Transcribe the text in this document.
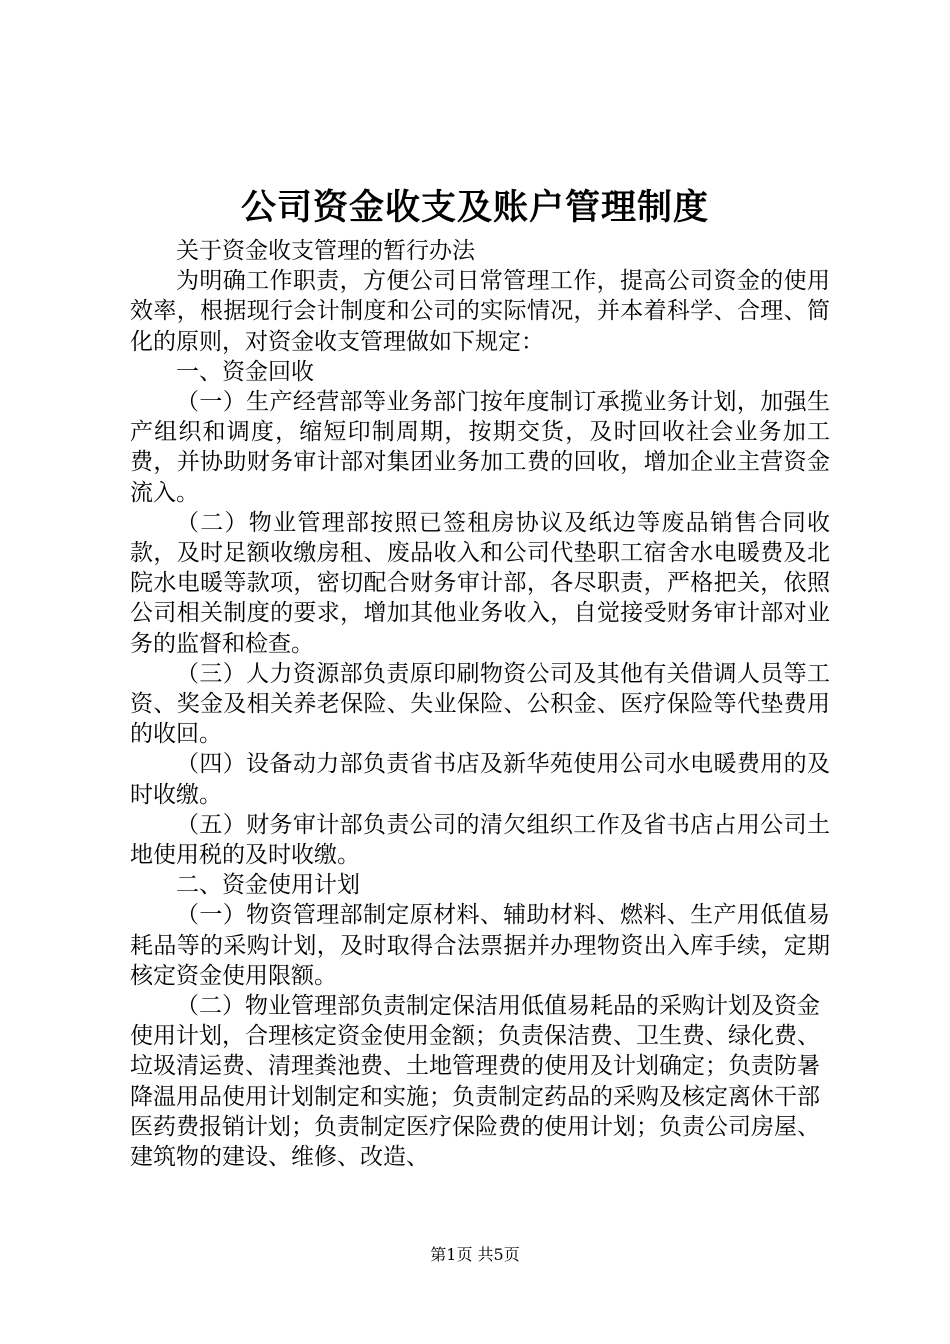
公司资金收支及账户管理制度

关于资金收支管理的暂行办法

为明确工作职责，方便公司日常管理工作，提高公司资金的使用效率，根据现行会计制度和公司的实际情况，并本着科学、合理、简化的原则，对资金收支管理做如下规定：

一、资金回收

（一）生产经营部等业务部门按年度制订承揽业务计划，加强生产组织和调度，缩短印制周期，按期交货，及时回收社会业务加工费，并协助财务审计部对集团业务加工费的回收，增加企业主营资金流入。

（二）物业管理部按照已签租房协议及纸边等废品销售合同收款，及时足额收缴房租、废品收入和公司代垫职工宿舍水电暖费及北院水电暖等款项，密切配合财务审计部，各尽职责，严格把关，依照公司相关制度的要求，增加其他业务收入，自觉接受财务审计部对业务的监督和检查。

（三）人力资源部负责原印刷物资公司及其他有关借调人员等工资、奖金及相关养老保险、失业保险、公积金、医疗保险等代垫费用的收回。

（四）设备动力部负责省书店及新华苑使用公司水电暖费用的及时收缴。

（五）财务审计部负责公司的清欠组织工作及省书店占用公司土地使用税的及时收缴。

二、资金使用计划

（一）物资管理部制定原材料、辅助材料、燃料、生产用低值易耗品等的采购计划，及时取得合法票据并办理物资出入库手续，定期核定资金使用限额。

（二）物业管理部负责制定保洁用低值易耗品的采购计划及资金使用计划，合理核定资金使用金额；负责保洁费、卫生费、绿化费、垃圾清运费、清理粪池费、土地管理费的使用及计划确定；负责防暑降温用品使用计划制定和实施；负责制定药品的采购及核定离休干部医药费报销计划；负责制定医疗保险费的使用计划；负责公司房屋、建筑物的建设、维修、改造、

第1页 共5页
